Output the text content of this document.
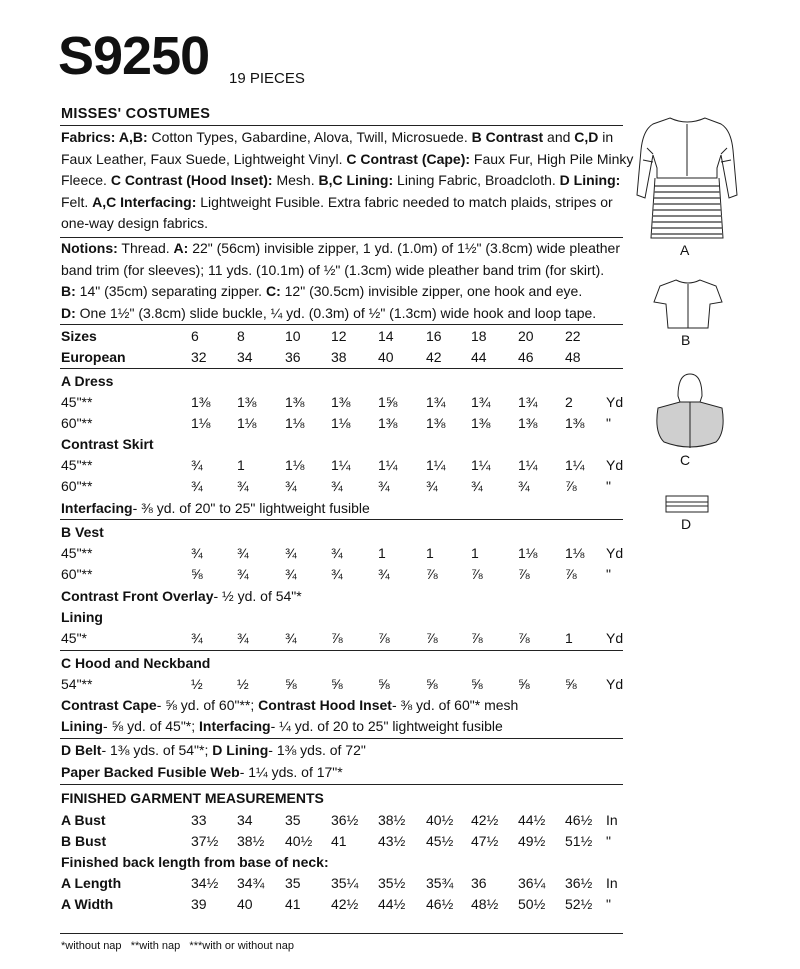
S9250 19 PIECES
MISSES' COSTUMES
Fabrics: A,B: Cotton Types, Gabardine, Alova, Twill, Microsuede. B Contrast and C,D in
Faux Leather, Faux Suede, Lightweight Vinyl. C Contrast (Cape): Faux Fur, High Pile Minky
Fleece. C Contrast (Hood Inset): Mesh. B,C Lining: Lining Fabric, Broadcloth. D Lining:
Felt. A,C Interfacing: Lightweight Fusible. Extra fabric needed to match plaids, stripes or
one-way design fabrics.
Notions: Thread. A: 22" (56cm) invisible zipper, 1 yd. (1.0m) of 1½" (3.8cm) wide pleather
band trim (for sleeves); 11 yds. (10.1m) of ½" (1.3cm) wide pleather band trim (for skirt).
B: 14" (35cm) separating zipper. C: 12" (30.5cm) invisible zipper, one hook and eye.
D: One 1½" (3.8cm) slide buckle, ¼ yd. (0.3m) of ½" (1.3cm) wide hook and loop tape.
Sizes	6	8	10	12	14	16	18	20	22
European	32	34	36	38	40	42	44	46	48
A Dress
45"**	1⅜	1⅜	1⅜	1⅜	1⅝	1¾	1¾	1¾	2	Yd
60"**	1⅛	1⅛	1⅛	1⅛	1⅜	1⅜	1⅜	1⅜	1⅜	"
Contrast Skirt
45"**	¾	1	1⅛	1¼	1¼	1¼	1¼	1¼	1¼	Yd
60"**	¾	¾	¾	¾	¾	¾	¾	¾	⅞	"
Interfacing- ⅜ yd. of 20" to 25" lightweight fusible
B Vest
45"**	¾	¾	¾	¾	1	1	1	1⅛	1⅛	Yd
60"**	⅝	¾	¾	¾	¾	⅞	⅞	⅞	⅞	"
Contrast Front Overlay- ½ yd. of 54"*
Lining
45"*	¾	¾	¾	⅞	⅞	⅞	⅞	⅞	1	Yd
C Hood and Neckband
54"**	½	½	⅝	⅝	⅝	⅝	⅝	⅝	⅝	Yd
Contrast Cape- ⅝ yd. of 60"**; Contrast Hood Inset- ⅜ yd. of 60"* mesh
Lining- ⅝ yd. of 45"*; Interfacing- ¼ yd. of 20 to 25" lightweight fusible
D Belt- 1⅜ yds. of 54"*; D Lining- 1⅜ yds. of 72"
Paper Backed Fusible Web- 1¼ yds. of 17"*
FINISHED GARMENT MEASUREMENTS
A Bust	33	34	35	36½ 38½ 40½ 42½ 44½ 46½ In
B Bust	37½ 38½ 40½ 41	43½ 45½ 47½ 49½ 51½ "
Finished back length from base of neck:
A Length	34½ 34¾ 35	35¼ 35½ 35¾ 36	36¼ 36½ In
A Width	39	40	41	42½ 44½ 46½ 48½ 50½ 52½ "
*without nap   **with nap   ***with or without nap
A
B
C
D
